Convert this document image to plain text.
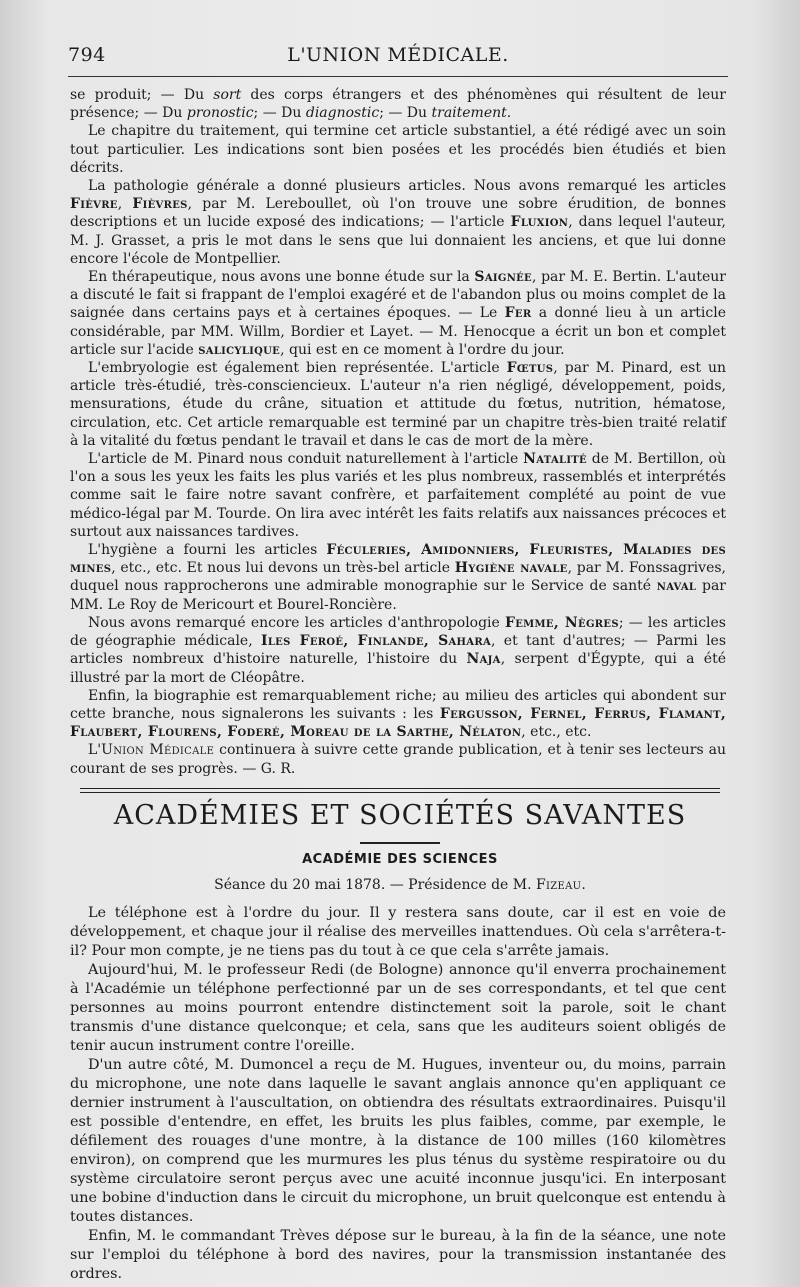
794	L'UNION MÉDICALE.

se produit; — Du sort des corps étrangers et des phénomènes qui résultent de leur présence; — Du pronostic; — Du diagnostic; — Du traitement.

Le chapitre du traitement, qui termine cet article substantiel, a été rédigé avec un soin tout particulier. Les indications sont bien posées et les procédés bien étudiés et bien décrits.

La pathologie générale a donné plusieurs articles. Nous avons remarqué les articles Fièvre, Fièvres, par M. Lereboullet, où l'on trouve une sobre érudition, de bonnes descriptions et un lucide exposé des indications; — l'article Fluxion, dans lequel l'auteur, M. J. Grasset, a pris le mot dans le sens que lui donnaient les anciens, et que lui donne encore l'école de Montpellier.

En thérapeutique, nous avons une bonne étude sur la Saignée, par M. E. Bertin. L'auteur a discuté le fait si frappant de l'emploi exagéré et de l'abandon plus ou moins complet de la saignée dans certains pays et à certaines époques. — Le Fer a donné lieu à un article considérable, par MM. Willm, Bordier et Layet. — M. Henocque a écrit un bon et complet article sur l'acide salicylique, qui est en ce moment à l'ordre du jour.

L'embryologie est également bien représentée. L'article Fœtus, par M. Pinard, est un article très-étudié, très-consciencieux. L'auteur n'a rien négligé, développement, poids, mensurations, étude du crâne, situation et attitude du fœtus, nutrition, hématose, circulation, etc. Cet article remarquable est terminé par un chapitre très-bien traité relatif à la vitalité du fœtus pendant le travail et dans le cas de mort de la mère.

L'article de M. Pinard nous conduit naturellement à l'article Natalité de M. Bertillon, où l'on a sous les yeux les faits les plus variés et les plus nombreux, rassemblés et interprétés comme sait le faire notre savant confrère, et parfaitement complété au point de vue médico-légal par M. Tourde. On lira avec intérêt les faits relatifs aux naissances précoces et surtout aux naissances tardives.

L'hygiène a fourni les articles Féculeries, Amidonniers, Fleuristes, Maladies des mines, etc., etc. Et nous lui devons un très-bel article Hygiène navale, par M. Fonssagrives, duquel nous rapprocherons une admirable monographie sur le Service de santé naval par MM. Le Roy de Mericourt et Bourel-Roncière.

Nous avons remarqué encore les articles d'anthropologie Femme, Nègres; — les articles de géographie médicale, Iles Feroé, Finlande, Sahara, et tant d'autres; — Parmi les articles nombreux d'histoire naturelle, l'histoire du Naja, serpent d'Égypte, qui a été illustré par la mort de Cléopâtre.

Enfin, la biographie est remarquablement riche; au milieu des articles qui abondent sur cette branche, nous signalerons les suivants : les Fergusson, Fernel, Ferrus, Flamant, Flaubert, Flourens, Foderé, Moreau de la Sarthe, Nélaton, etc., etc.

L'Union Médicale continuera à suivre cette grande publication, et à tenir ses lecteurs au courant de ses progrès. — G. R.

ACADÉMIES ET SOCIÉTÉS SAVANTES
ACADÉMIE DES SCIENCES
Séance du 20 mai 1878. — Présidence de M. Fizeau.

Le téléphone est à l'ordre du jour. Il y restera sans doute, car il est en voie de développement, et chaque jour il réalise des merveilles inattendues. Où cela s'arrêtera-t-il? Pour mon compte, je ne tiens pas du tout à ce que cela s'arrête jamais.

Aujourd'hui, M. le professeur Redi (de Bologne) annonce qu'il enverra prochainement à l'Académie un téléphone perfectionné par un de ses correspondants, et tel que cent personnes au moins pourront entendre distinctement soit la parole, soit le chant transmis d'une distance quelconque; et cela, sans que les auditeurs soient obligés de tenir aucun instrument contre l'oreille.

D'un autre côté, M. Dumoncel a reçu de M. Hugues, inventeur ou, du moins, parrain du microphone, une note dans laquelle le savant anglais annonce qu'en appliquant ce dernier instrument à l'auscultation, on obtiendra des résultats extraordinaires. Puisqu'il est possible d'entendre, en effet, les bruits les plus faibles, comme, par exemple, le défilement des rouages d'une montre, à la distance de 100 milles (160 kilomètres environ), on comprend que les murmures les plus ténus du système respiratoire ou du système circulatoire seront perçus avec une acuité inconnue jusqu'ici. En interposant une bobine d'induction dans le circuit du microphone, un bruit quelconque est entendu à toutes distances.

Enfin, M. le commandant Trèves dépose sur le bureau, à la fin de la séance, une note sur l'emploi du téléphone à bord des navires, pour la transmission instantanée des ordres.
